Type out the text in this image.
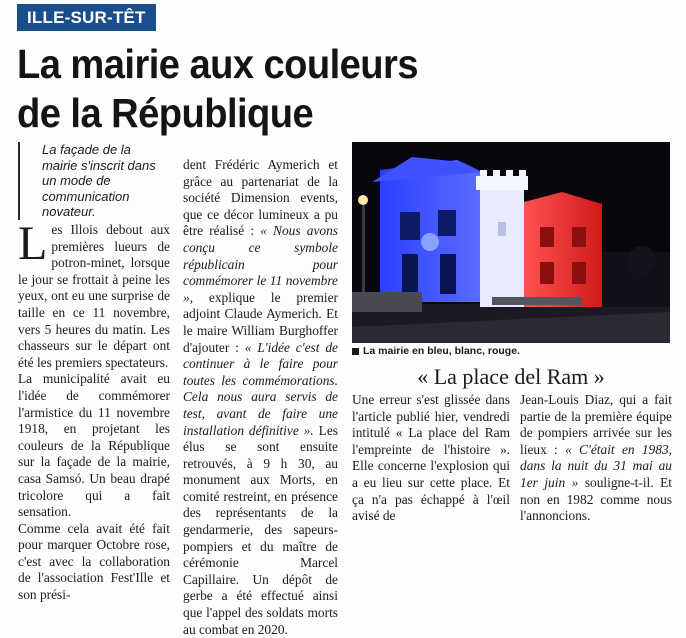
ILLE-SUR-TÊT
La mairie aux couleurs
de la République
La façade de la mairie s'inscrit dans un mode de communication novateur.

Les Illois debout aux premières lueurs de potron-minet, lorsque le jour se frottait à peine les yeux, ont eu une surprise de taille en ce 11 novembre, vers 5 heures du matin. Les chasseurs sur le départ ont été les premiers spectateurs.

La municipalité avait eu l'idée de commémorer l'armistice du 11 novembre 1918, en projetant les couleurs de la République sur la façade de la mairie, casa Samsó. Un beau drapé tricolore qui a fait sensation.

Comme cela avait été fait pour marquer Octobre rose, c'est avec la collaboration de l'association Fest'Ille et son prési-

dent Frédéric Aymerich et grâce au partenariat de la société Dimension events, que ce décor lumineux a pu être réalisé : « Nous avons conçu ce symbole républicain pour commémorer le 11 novembre », explique le premier adjoint Claude Aymerich. Et le maire William Burghoffer d'ajouter : « L'idée c'est de continuer à le faire pour toutes les commémorations. Cela nous aura servis de test, avant de faire une installation définitive ». Les élus se sont ensuite retrouvés, à 9 h 30, au monument aux Morts, en comité restreint, en présence des représentants de la gendarmerie, des sapeurs-pompiers et du maître de cérémonie Marcel Capillaire. Un dépôt de gerbe a été effectué ainsi que l'appel des soldats morts au combat en 2020.

La mairie en bleu, blanc, rouge.
« La place del Ram »

Une erreur s'est glissée dans l'article publié hier, vendredi intitulé « La place del Ram l'empreinte de l'histoire ». Elle concerne l'explosion qui a eu lieu sur cette place. Et ça n'a pas échappé à l'œil avisé de

Jean-Louis Diaz, qui a fait partie de la première équipe de pompiers arrivée sur les lieux : « C'était en 1983, dans la nuit du 31 mai au 1er juin » souligne-t-il. Et non en 1982 comme nous l'annoncions.
